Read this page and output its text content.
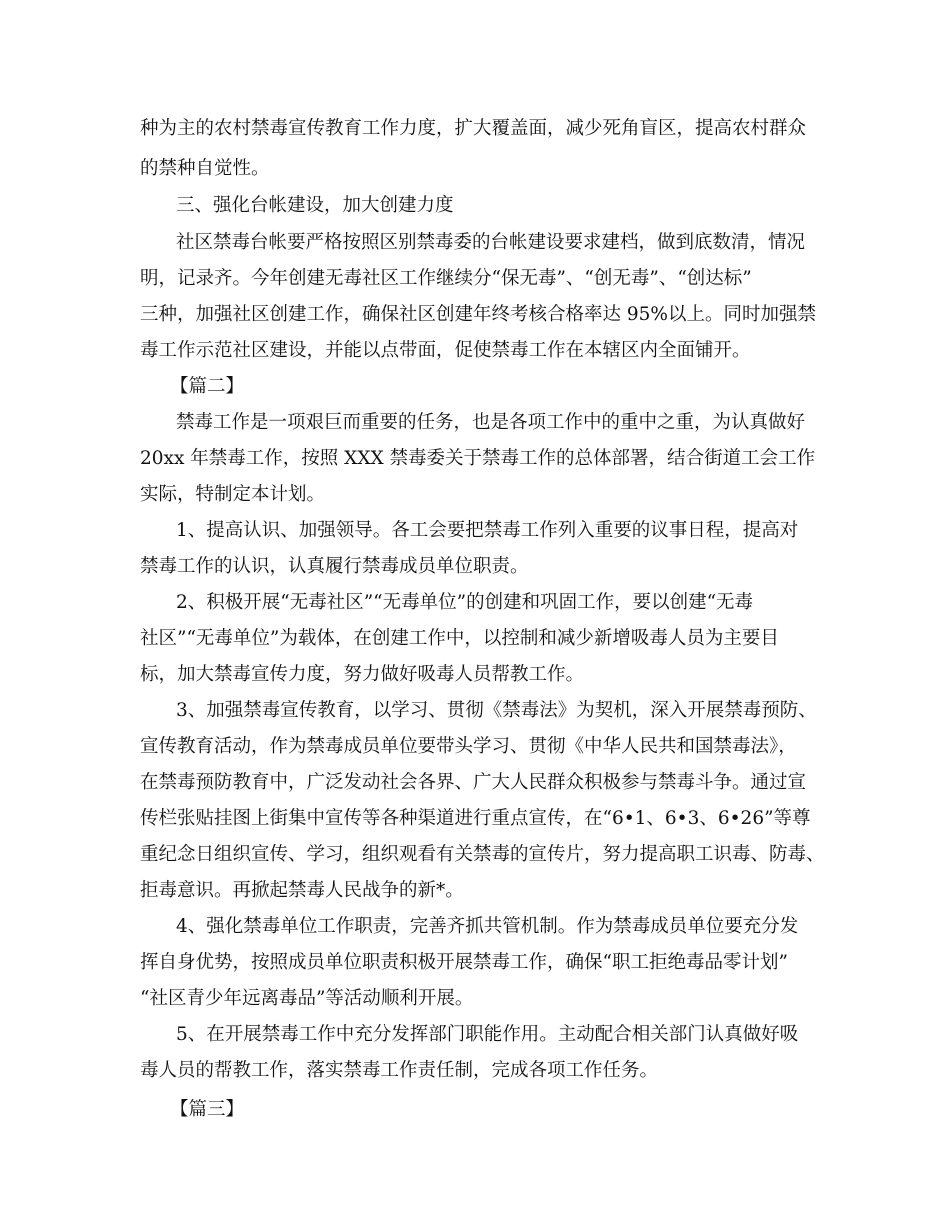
种为主的农村禁毒宣传教育工作力度，扩大覆盖面，减少死角盲区，提高农村群众
的禁种自觉性。
三、强化台帐建设，加大创建力度
社区禁毒台帐要严格按照区别禁毒委的台帐建设要求建档，做到底数清，情况
明，记录齐。今年创建无毒社区工作继续分“保无毒”、“创无毒”、“创达标”
三种，加强社区创建工作，确保社区创建年终考核合格率达 95%以上。同时加强禁
毒工作示范社区建设，并能以点带面，促使禁毒工作在本辖区内全面铺开。
【篇二】
禁毒工作是一项艰巨而重要的任务，也是各项工作中的重中之重，为认真做好
20xx 年禁毒工作，按照 XXX 禁毒委关于禁毒工作的总体部署，结合街道工会工作
实际，特制定本计划。
1、提高认识、加强领导。各工会要把禁毒工作列入重要的议事日程，提高对
禁毒工作的认识，认真履行禁毒成员单位职责。
2、积极开展“无毒社区”“无毒单位”的创建和巩固工作，要以创建“无毒
社区”“无毒单位”为载体，在创建工作中，以控制和减少新增吸毒人员为主要目
标，加大禁毒宣传力度，努力做好吸毒人员帮教工作。
3、加强禁毒宣传教育，以学习、贯彻《禁毒法》为契机，深入开展禁毒预防、
宣传教育活动，作为禁毒成员单位要带头学习、贯彻《中华人民共和国禁毒法》，
在禁毒预防教育中，广泛发动社会各界、广大人民群众积极参与禁毒斗争。通过宣
传栏张贴挂图上街集中宣传等各种渠道进行重点宣传，在“6•1、6•3、6•26”等尊
重纪念日组织宣传、学习，组织观看有关禁毒的宣传片，努力提高职工识毒、防毒、
拒毒意识。再掀起禁毒人民战争的新*。
4、强化禁毒单位工作职责，完善齐抓共管机制。作为禁毒成员单位要充分发
挥自身优势，按照成员单位职责积极开展禁毒工作，确保“职工拒绝毒品零计划”
“社区青少年远离毒品”等活动顺利开展。
5、在开展禁毒工作中充分发挥部门职能作用。主动配合相关部门认真做好吸
毒人员的帮教工作，落实禁毒工作责任制，完成各项工作任务。
【篇三】
